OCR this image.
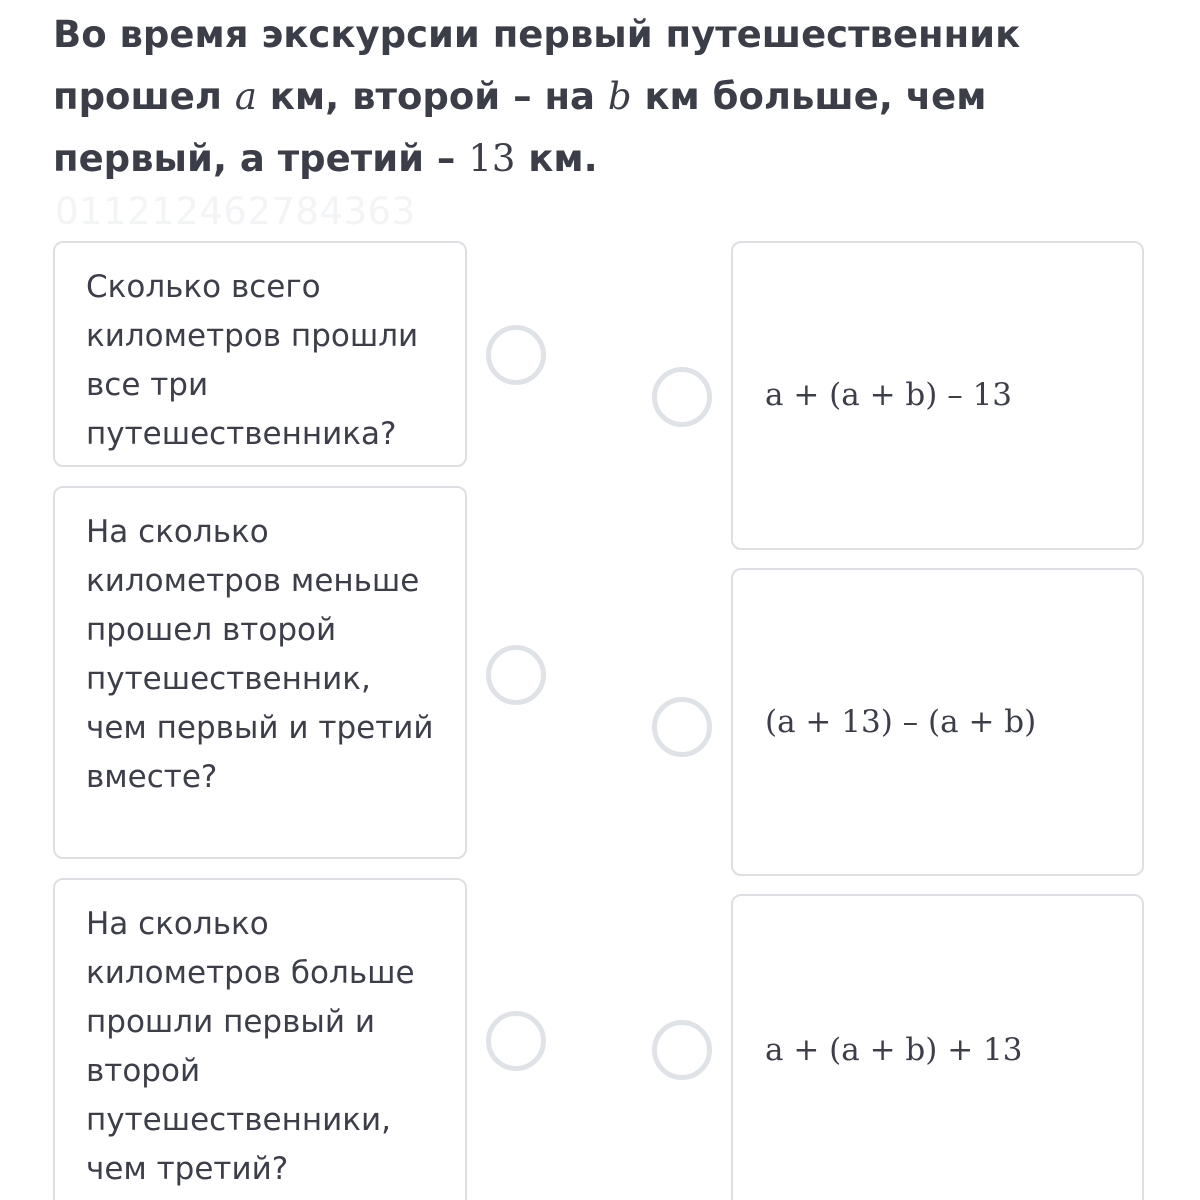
Во время экскурсии первый путешественник прошел a км, второй – на b км больше, чем первый, а третий – 13 км.

0112124627843​63
Сколько всего километров прошли все три путешественника?
На сколько километров меньше прошел второй путешественник, чем первый и третий вместе?
На сколько километров больше прошли первый и второй путешественники, чем третий?
a + (a + b) – 13
(a + 13) – (a + b)
a + (a + b) + 13
